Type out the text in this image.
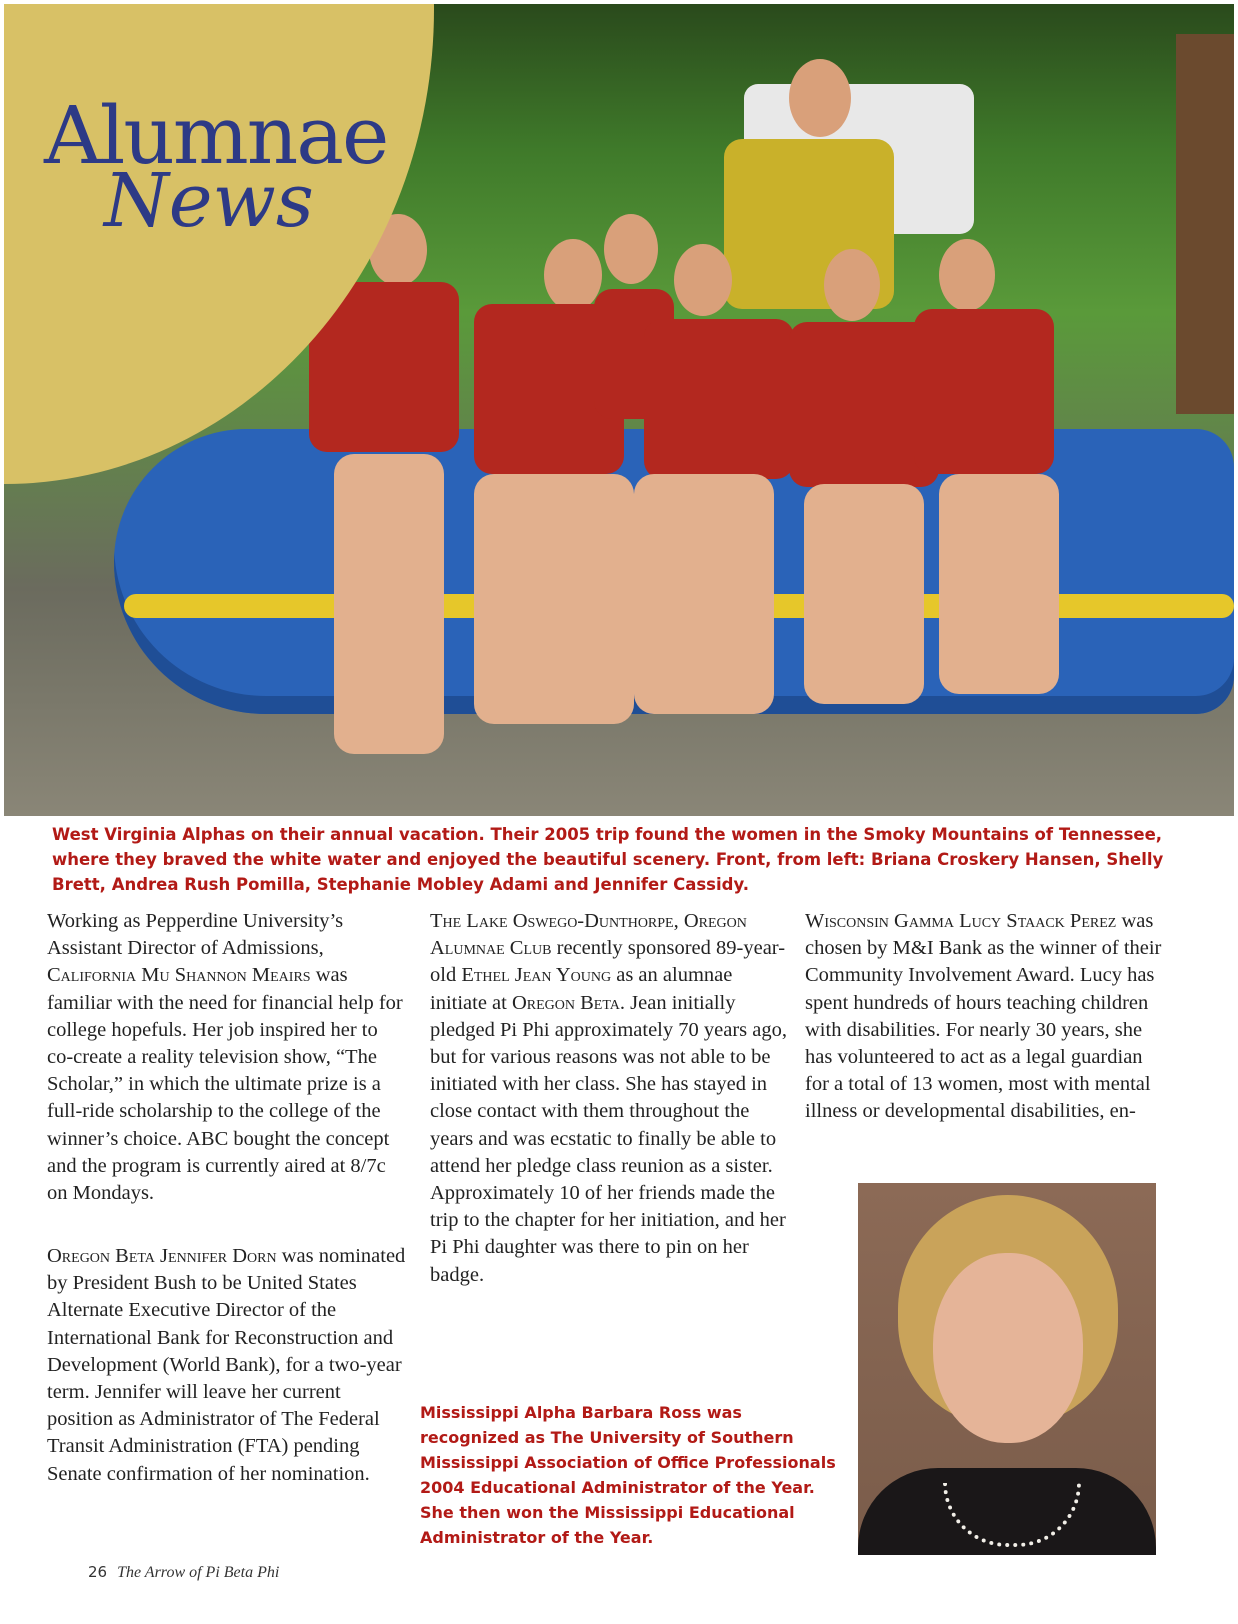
Alumnae
News

West Virginia Alphas on their annual vacation. Their 2005 trip found the women in the Smoky Mountains of Tennessee, where they braved the white water and enjoyed the beautiful scenery. Front, from left: Briana Croskery Hansen, Shelly Brett, Andrea Rush Pomilla, Stephanie Mobley Adami and Jennifer Cassidy.

Working as Pepperdine University’s Assistant Director of Admissions, California Mu Shannon Meairs was familiar with the need for financial help for college hopefuls. Her job inspired her to co-create a reality television show, “The Scholar,” in which the ultimate prize is a full-ride scholarship to the college of the winner’s choice. ABC bought the concept and the program is currently aired at 8/7c on Mondays.

Oregon Beta Jennifer Dorn was nominated by President Bush to be United States Alternate Executive Director of the International Bank for Reconstruction and Development (World Bank), for a two-year term. Jennifer will leave her current position as Administrator of The Federal Transit Administration (FTA) pending Senate confirmation of her nomination.

The Lake Oswego-Dunthorpe, Oregon Alumnae Club recently sponsored 89-year-old Ethel Jean Young as an alumnae initiate at Oregon Beta. Jean initially pledged Pi Phi approximately 70 years ago, but for various reasons was not able to be initiated with her class. She has stayed in close contact with them throughout the years and was ecstatic to finally be able to attend her pledge class reunion as a sister. Approximately 10 of her friends made the trip to the chapter for her initiation, and her Pi Phi daughter was there to pin on her badge.

Wisconsin Gamma Lucy Staack Perez was chosen by M&I Bank as the winner of their Community Involvement Award. Lucy has spent hundreds of hours teaching children with disabilities. For nearly 30 years, she has volunteered to act as a legal guardian for a total of 13 women, most with mental illness or developmental disabilities, en-

Mississippi Alpha Barbara Ross was recognized as The University of Southern Mississippi Association of Office Professionals 2004 Educational Administrator of the Year. She then won the Mississippi Educational Administrator of the Year.

26 The Arrow of Pi Beta Phi
